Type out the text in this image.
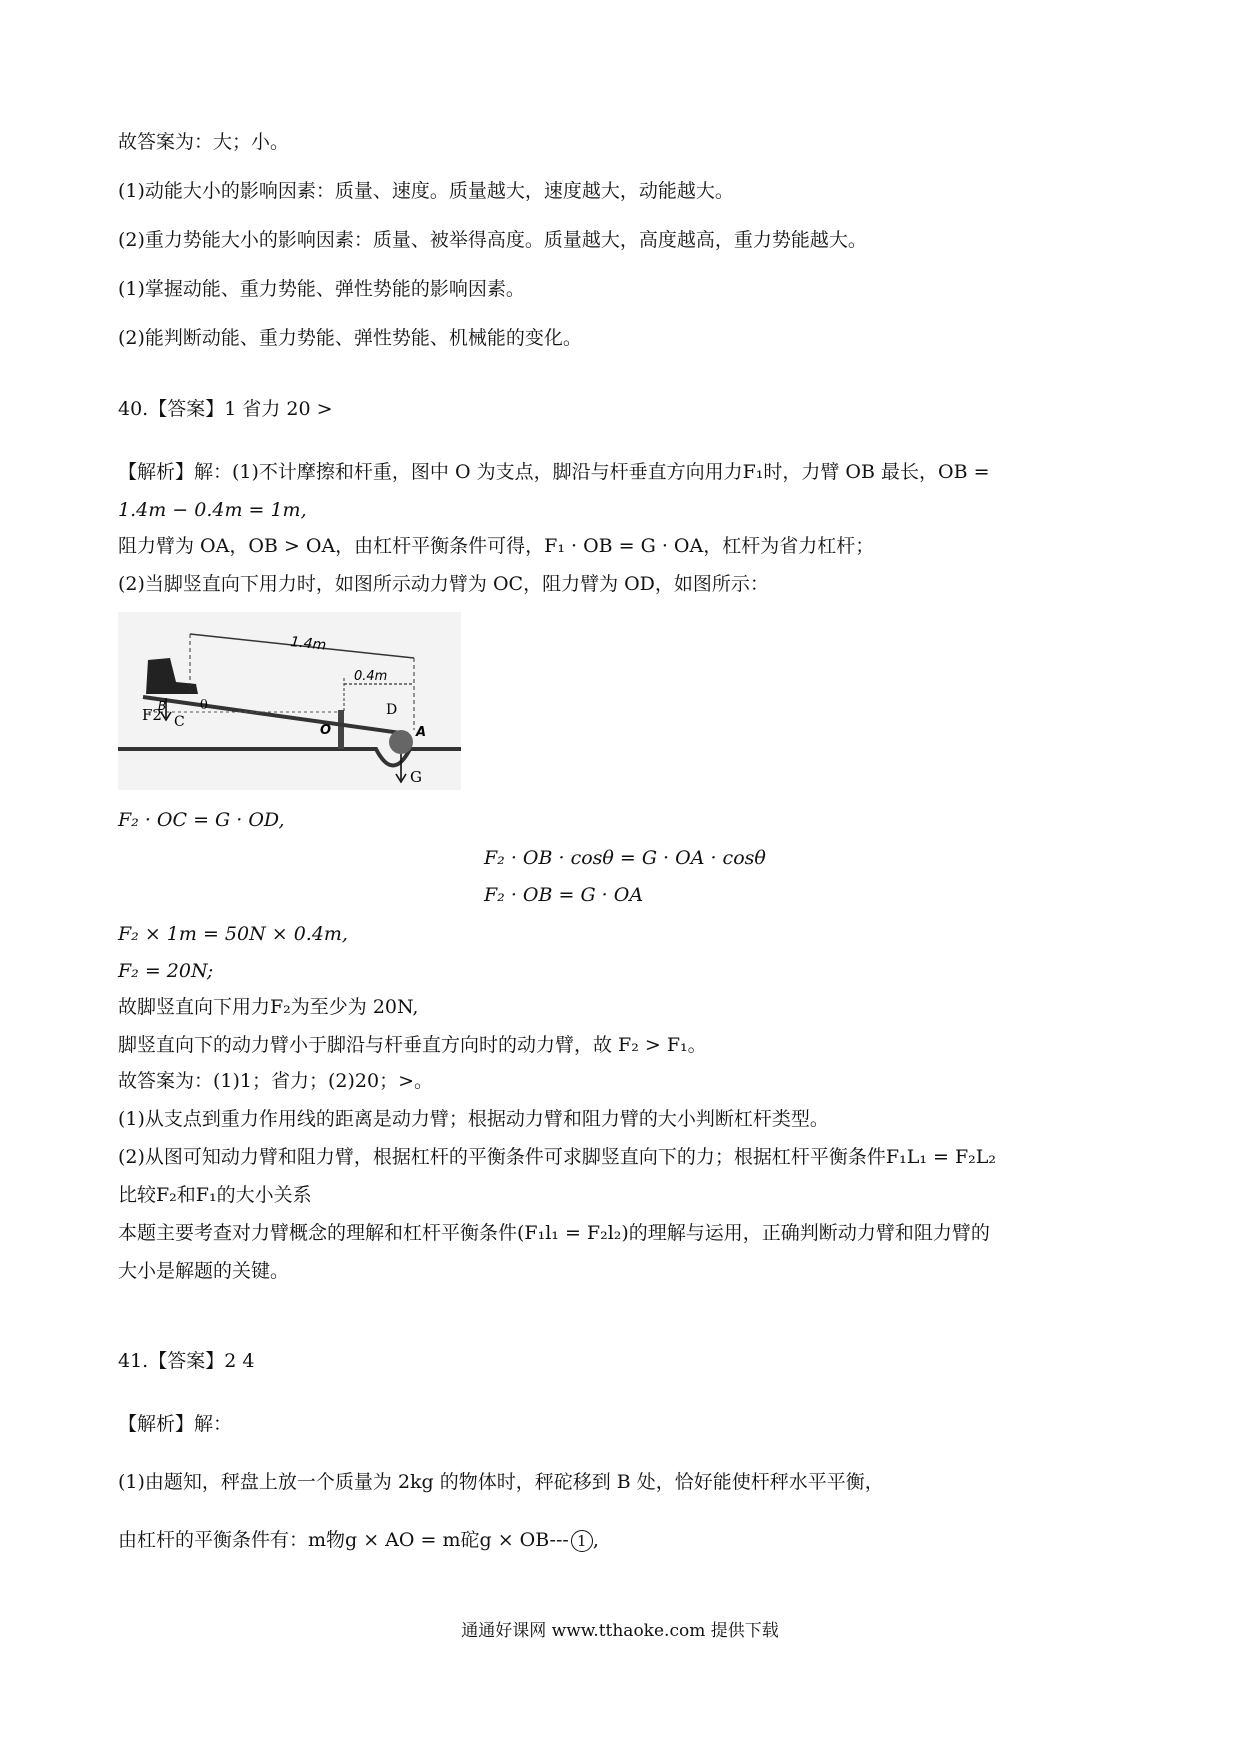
故答案为：大；小。
(1)动能大小的影响因素：质量、速度。质量越大，速度越大，动能越大。
(2)重力势能大小的影响因素：质量、被举得高度。质量越大，高度越高，重力势能越大。
(1)掌握动能、重力势能、弹性势能的影响因素。
(2)能判断动能、重力势能、弹性势能、机械能的变化。
40.【答案】1 省力 20 >
【解析】解：(1)不计摩擦和杆重，图中 O 为支点，脚沿与杆垂直方向用力F₁时，力臂 OB 最长，OB =
1.4m − 0.4m = 1m,
阻力臂为 OA，OB > OA，由杠杆平衡条件可得，F₁ · OB = G · OA，杠杆为省力杠杆；
(2)当脚竖直向下用力时，如图所示动力臂为 OC，阻力臂为 OD，如图所示：
1.4m
0.4m
B	θ
F2 C
O
D
A
G
F₂ · OC = G · OD,
F₂ · OB · cosθ = G · OA · cosθ
F₂ · OB = G · OA
F₂ × 1m = 50N × 0.4m,
F₂ = 20N;
故脚竖直向下用力F₂为至少为 20N,
脚竖直向下的动力臂小于脚沿与杆垂直方向时的动力臂，故 F₂ > F₁。
故答案为：(1)1；省力；(2)20；>。
(1)从支点到重力作用线的距离是动力臂；根据动力臂和阻力臂的大小判断杠杆类型。
(2)从图可知动力臂和阻力臂，根据杠杆的平衡条件可求脚竖直向下的力；根据杠杆平衡条件F₁L₁ = F₂L₂
比较F₂和F₁的大小关系
本题主要考查对力臂概念的理解和杠杆平衡条件(F₁l₁ = F₂l₂)的理解与运用，正确判断动力臂和阻力臂的
大小是解题的关键。
41.【答案】2 4
【解析】解：
(1)由题知，秤盘上放一个质量为 2kg 的物体时，秤砣移到 B 处，恰好能使杆秤水平平衡，
由杠杆的平衡条件有：m物g × AO = m砣g × OB--- 1 ,
通通好课网 www.tthaoke.com 提供下载
